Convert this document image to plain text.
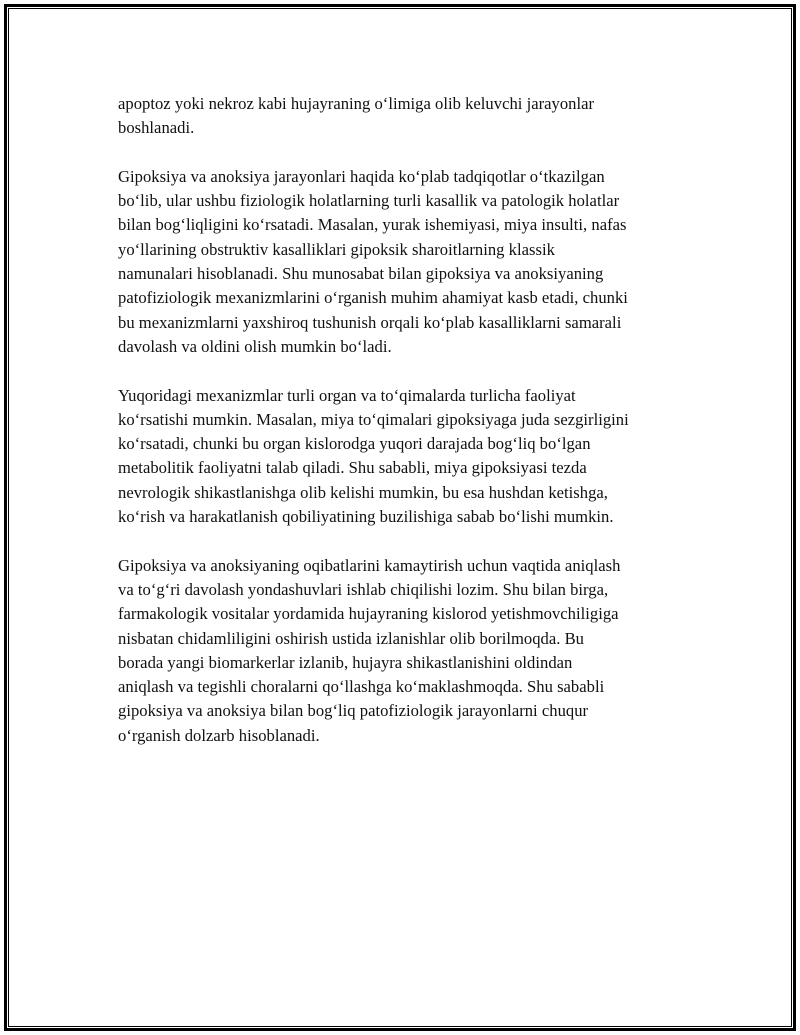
apoptoz yoki nekroz kabi hujayraning o‘limiga olib keluvchi jarayonlar
boshlanadi.

Gipoksiya va anoksiya jarayonlari haqida ko‘plab tadqiqotlar o‘tkazilgan
bo‘lib, ular ushbu fiziologik holatlarning turli kasallik va patologik holatlar
bilan bog‘liqligini ko‘rsatadi. Masalan, yurak ishemiyasi, miya insulti, nafas
yo‘llarining obstruktiv kasalliklari gipoksik sharoitlarning klassik
namunalari hisoblanadi. Shu munosabat bilan gipoksiya va anoksiyaning
patofiziologik mexanizmlarini o‘rganish muhim ahamiyat kasb etadi, chunki
bu mexanizmlarni yaxshiroq tushunish orqali ko‘plab kasalliklarni samarali
davolash va oldini olish mumkin bo‘ladi.

Yuqoridagi mexanizmlar turli organ va to‘qimalarda turlicha faoliyat
ko‘rsatishi mumkin. Masalan, miya to‘qimalari gipoksiyaga juda sezgirligini
ko‘rsatadi, chunki bu organ kislorodga yuqori darajada bog‘liq bo‘lgan
metabolitik faoliyatni talab qiladi. Shu sababli, miya gipoksiyasi tezda
nevrologik shikastlanishga olib kelishi mumkin, bu esa hushdan ketishga,
ko‘rish va harakatlanish qobiliyatining buzilishiga sabab bo‘lishi mumkin.

Gipoksiya va anoksiyaning oqibatlarini kamaytirish uchun vaqtida aniqlash
va to‘g‘ri davolash yondashuvlari ishlab chiqilishi lozim. Shu bilan birga,
farmakologik vositalar yordamida hujayraning kislorod yetishmovchiligiga
nisbatan chidamliligini oshirish ustida izlanishlar olib borilmoqda. Bu
borada yangi biomarkerlar izlanib, hujayra shikastlanishini oldindan
aniqlash va tegishli choralarni qo‘llashga ko‘maklashmoqda. Shu sababli
gipoksiya va anoksiya bilan bog‘liq patofiziologik jarayonlarni chuqur
o‘rganish dolzarb hisoblanadi.
